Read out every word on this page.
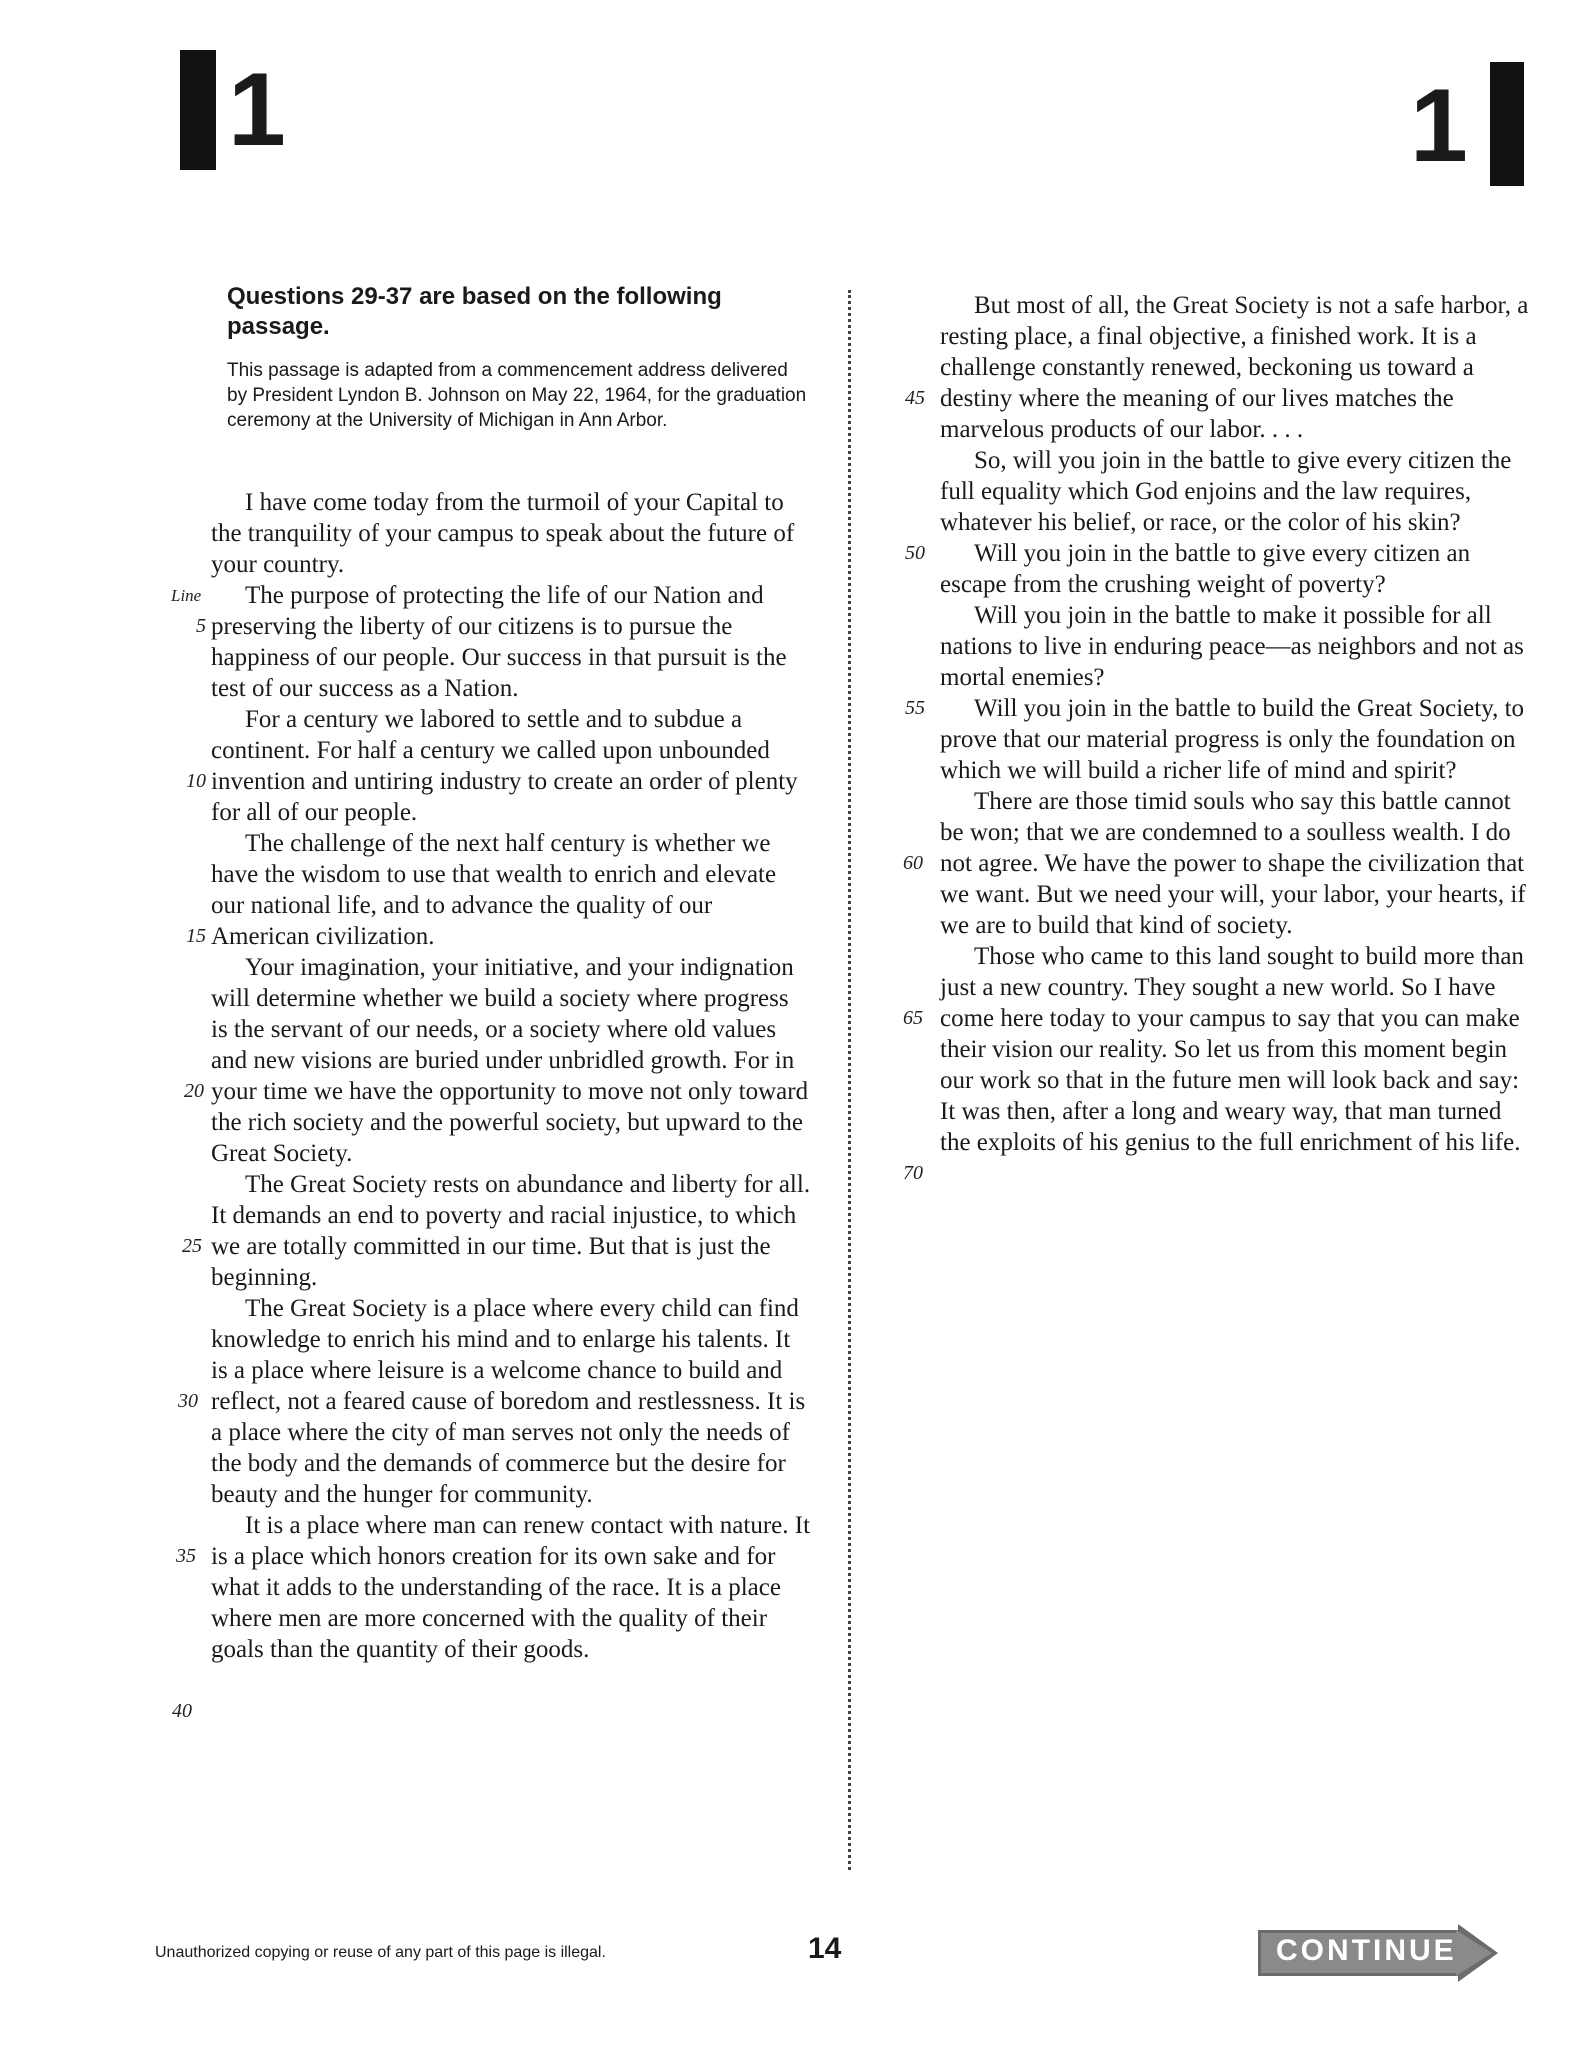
1	1
Questions 29-37 are based on the following passage.

This passage is adapted from a commencement address delivered by President Lyndon B. Johnson on May 22, 1964, for the graduation ceremony at the University of Michigan in Ann Arbor.

I have come today from the turmoil of your Capital to the tranquility of your campus to speak about the future of your country.

The purpose of protecting the life of our Nation and preserving the liberty of our citizens is to pursue the happiness of our people. Our success in that pursuit is the test of our success as a Nation.

For a century we labored to settle and to subdue a continent. For half a century we called upon unbounded invention and untiring industry to create an order of plenty for all of our people.

The challenge of the next half century is whether we have the wisdom to use that wealth to enrich and elevate our national life, and to advance the quality of our American civilization.

Your imagination, your initiative, and your indignation will determine whether we build a society where progress is the servant of our needs, or a society where old values and new visions are buried under unbridled growth. For in your time we have the opportunity to move not only toward the rich society and the powerful society, but upward to the Great Society.

The Great Society rests on abundance and liberty for all. It demands an end to poverty and racial injustice, to which we are totally committed in our time. But that is just the beginning.

The Great Society is a place where every child can find knowledge to enrich his mind and to enlarge his talents. It is a place where leisure is a welcome chance to build and reflect, not a feared cause of boredom and restlessness. It is a place where the city of man serves not only the needs of the body and the demands of commerce but the desire for beauty and the hunger for community.

It is a place where man can renew contact with nature. It is a place which honors creation for its own sake and for what it adds to the understanding of the race. It is a place where men are more concerned with the quality of their goals than the quantity of their goods.

Line
5
10
15
20
25
30
35
40

But most of all, the Great Society is not a safe harbor, a resting place, a final objective, a finished work. It is a challenge constantly renewed, beckoning us toward a destiny where the meaning of our lives matches the marvelous products of our labor. . . .

So, will you join in the battle to give every citizen the full equality which God enjoins and the law requires, whatever his belief, or race, or the color of his skin?

Will you join in the battle to give every citizen an escape from the crushing weight of poverty?

Will you join in the battle to make it possible for all nations to live in enduring peace—as neighbors and not as mortal enemies?

Will you join in the battle to build the Great Society, to prove that our material progress is only the foundation on which we will build a richer life of mind and spirit?

There are those timid souls who say this battle cannot be won; that we are condemned to a soulless wealth. I do not agree. We have the power to shape the civilization that we want. But we need your will, your labor, your hearts, if we are to build that kind of society.

Those who came to this land sought to build more than just a new country. They sought a new world. So I have come here today to your campus to say that you can make their vision our reality. So let us from this moment begin our work so that in the future men will look back and say: It was then, after a long and weary way, that man turned the exploits of his genius to the full enrichment of his life.

45
50
55
60
65
70
Unauthorized copying or reuse of any part of this page is illegal.	14	CONTINUE
